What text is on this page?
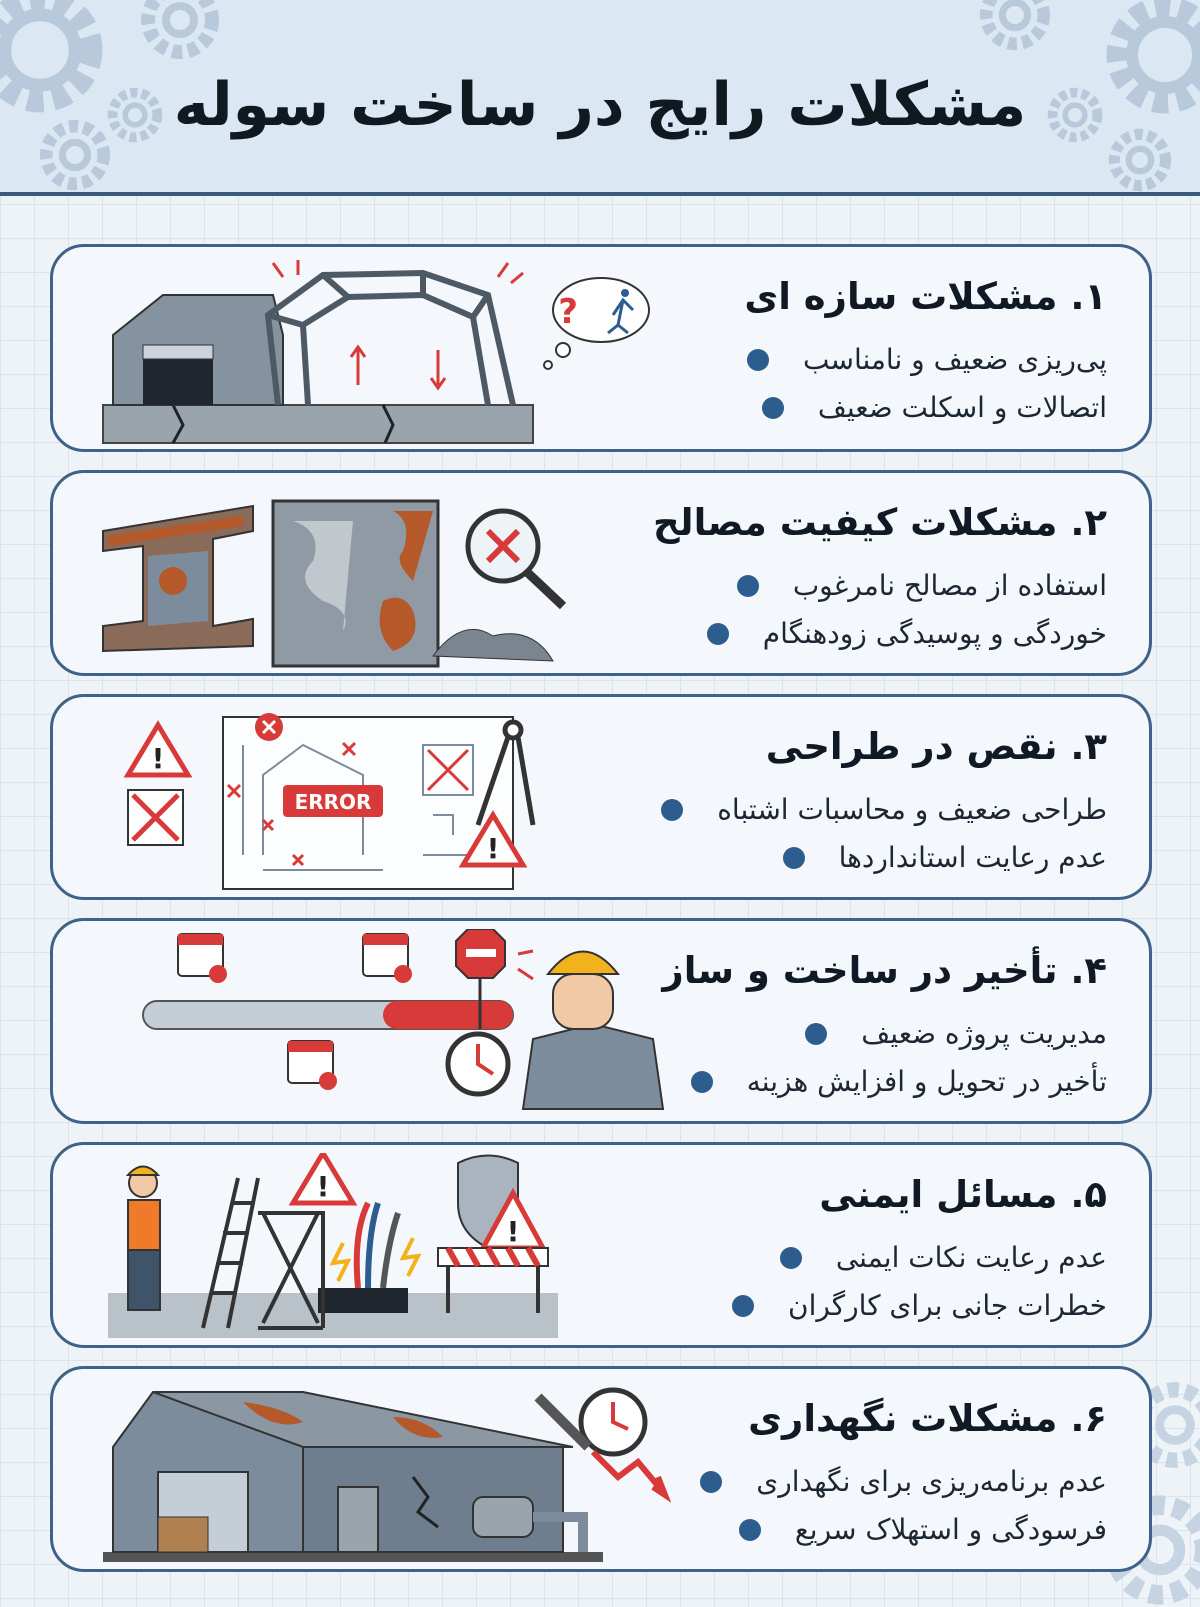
مشکلات رایج در ساخت سوله
?	۱. مشکلات سازه ای
پی‌ریزی ضعیف و نامناسب
اتصالات و اسکلت ضعیف
۲. مشکلات کیفیت مصالح
استفاده از مصالح نامرغوب
خوردگی و پوسیدگی زودهنگام
ERROR
!
!
۳. نقص در طراحی
طراحی ضعیف و محاسبات اشتباه
عدم رعایت استانداردها
۴. تأخیر در ساخت و ساز
مدیریت پروژه ضعیف
تأخیر در تحویل و افزایش هزینه
!
!
۵. مسائل ایمنی
عدم رعایت نکات ایمنی
خطرات جانی برای کارگران
۶. مشکلات نگهداری
عدم برنامه‌ریزی برای نگهداری
فرسودگی و استهلاک سریع
